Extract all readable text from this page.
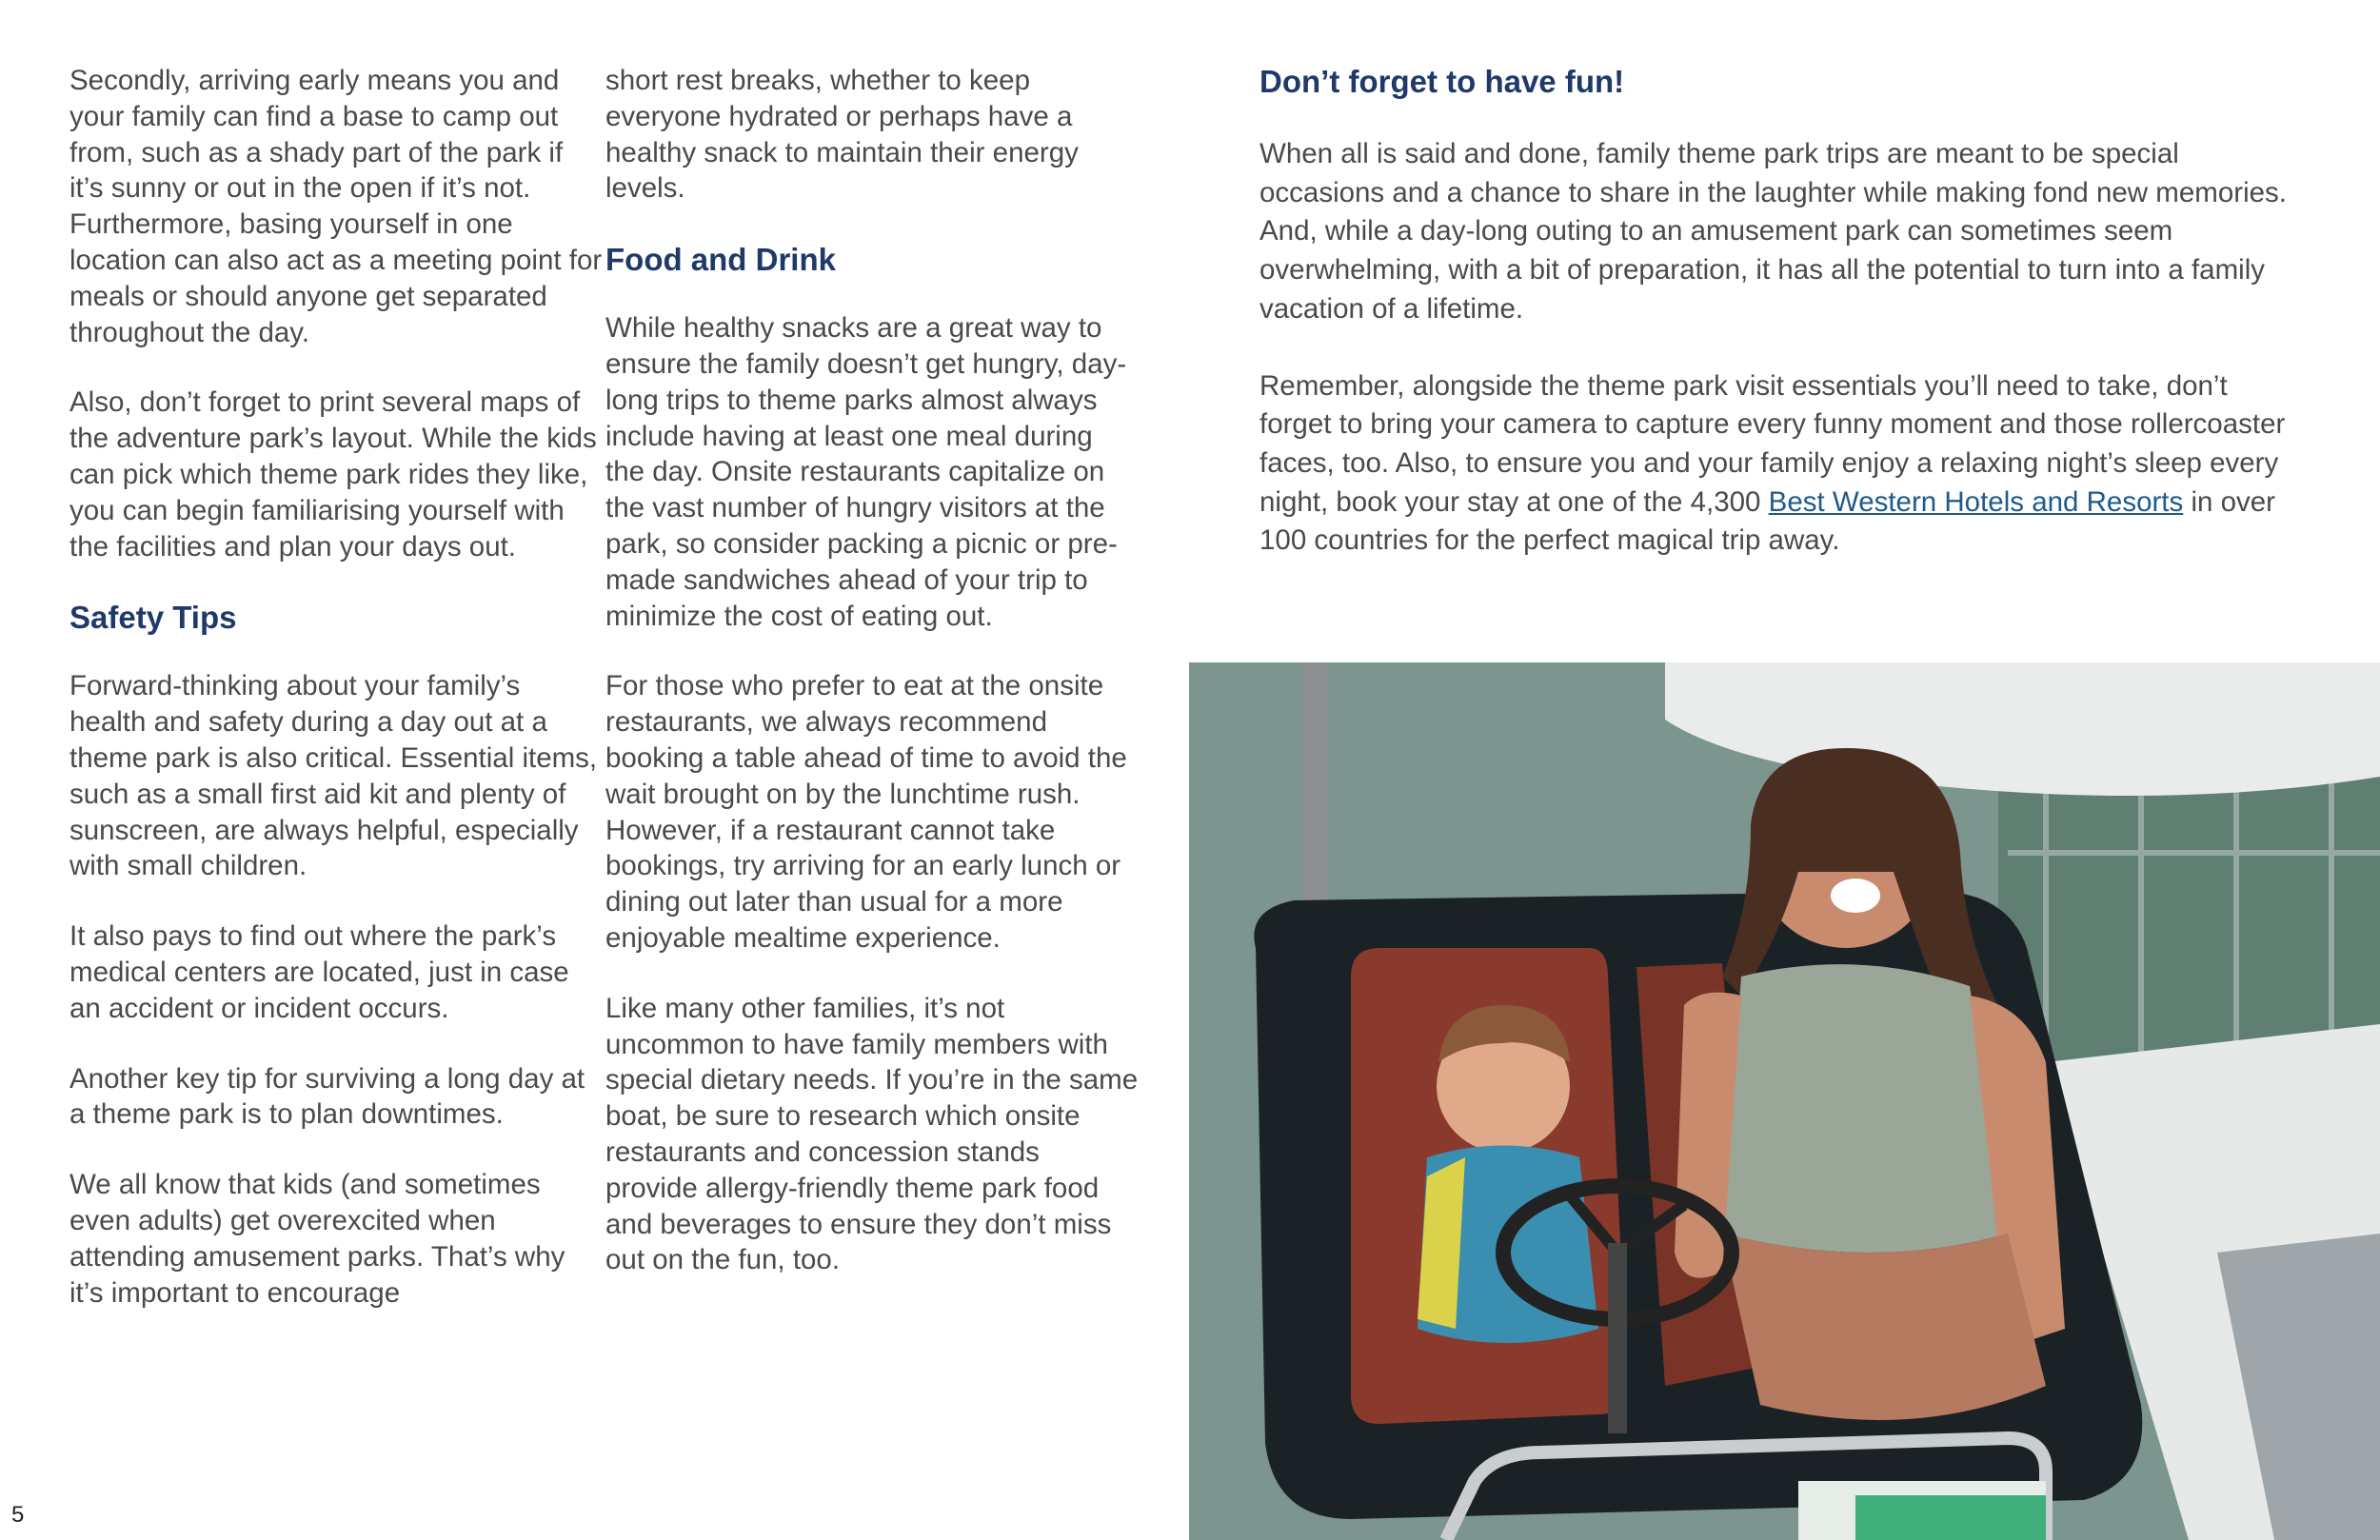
Secondly, arriving early means you and your family can find a base to camp out from, such as a shady part of the park if it’s sunny or out in the open if it’s not. Furthermore, basing yourself in one location can also act as a meeting point for meals or should anyone get separated throughout the day.

Also, don’t forget to print several maps of the adventure park’s layout. While the kids can pick which theme park rides they like, you can begin familiarising yourself with the facilities and plan your days out.

Safety Tips

Forward-thinking about your family’s health and safety during a day out at a theme park is also critical. Essential items, such as a small first aid kit and plenty of sunscreen, are always helpful, especially with small children.

It also pays to find out where the park’s medical centers are located, just in case an accident or incident occurs.

Another key tip for surviving a long day at a theme park is to plan downtimes.

We all know that kids (and sometimes even adults) get overexcited when attending amusement parks. That’s why it’s important to encourage

short rest breaks, whether to keep everyone hydrated or perhaps have a healthy snack to maintain their energy levels.

Food and Drink

While healthy snacks are a great way to ensure the family doesn’t get hungry, day-long trips to theme parks almost always include having at least one meal during the day. Onsite restaurants capitalize on the vast number of hungry visitors at the park, so consider packing a picnic or pre-made sandwiches ahead of your trip to minimize the cost of eating out.

For those who prefer to eat at the onsite restaurants, we always recommend booking a table ahead of time to avoid the wait brought on by the lunchtime rush. However, if a restaurant cannot take bookings, try arriving for an early lunch or dining out later than usual for a more enjoyable mealtime experience.

Like many other families, it’s not uncommon to have family members with special dietary needs. If you’re in the same boat, be sure to research which onsite restaurants and concession stands provide allergy-friendly theme park food and beverages to ensure they don’t miss out on the fun, too.

Don’t forget to have fun!

When all is said and done, family theme park trips are meant to be special occasions and a chance to share in the laughter while making fond new memories. And, while a day-long outing to an amusement park can sometimes seem overwhelming, with a bit of preparation, it has all the potential to turn into a family vacation of a lifetime.

Remember, alongside the theme park visit essentials you’ll need to take, don’t forget to bring your camera to capture every funny moment and those rollercoaster faces, too. Also, to ensure you and your family enjoy a relaxing night’s sleep every night, book your stay at one of the 4,300 Best Western Hotels and Resorts in over 100 countries for the perfect magical trip away.

5
